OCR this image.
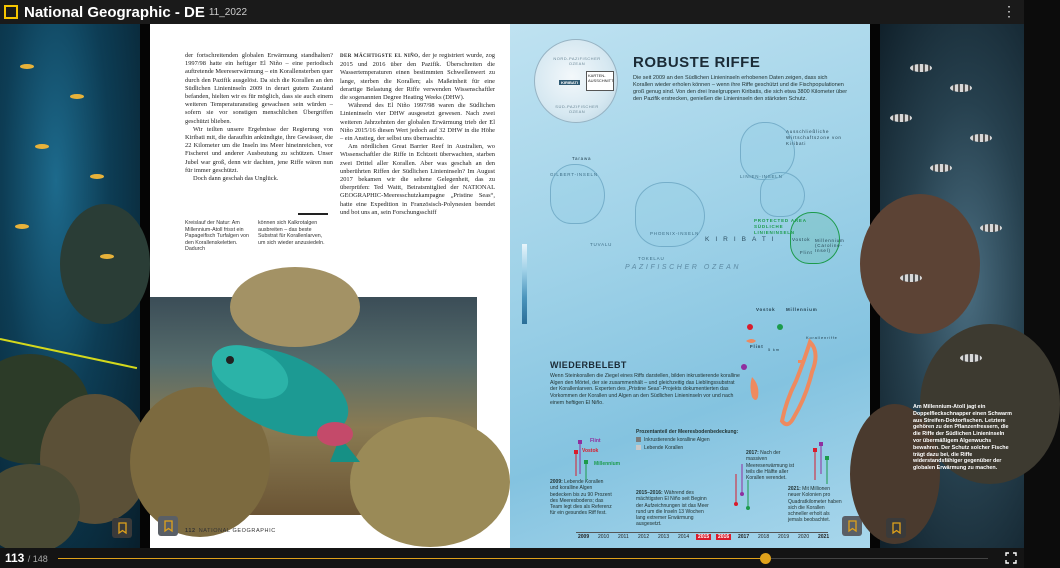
National Geographic - DE 11_2022	⋮

der fortschreitenden globalen Erwärmung standhalten? 1997/98 hatte ein heftiger El Niño – eine periodisch auftretende Meereserwärmung – ein Korallensterben quer durch den Pazifik ausgelöst. Da sich die Korallen an den Südlichen Linieninseln 2009 in derart gutem Zustand befanden, hielten wir es für möglich, dass sie auch einem weiteren Temperaturanstieg gewachsen sein würden – sofern sie vor sonstigen menschlichen Übergriffen geschützt blieben.

Wir teilten unsere Ergebnisse der Regierung von Kiribati mit, die daraufhin ankündigte, ihre Gewässer, die 22 Kilometer um die Inseln ins Meer hineinreichen, vor Fischerei und anderer Ausbeutung zu schützen. Unser Jubel war groß, denn wir dachten, jene Riffe wären nun für immer geschützt.

Doch dann geschah das Unglück.

DER MÄCHTIGSTE EL NIÑO, der je registriert wurde, zog 2015 und 2016 über den Pazifik. Überschreiten die Wassertemperaturen einen bestimmten Schwellenwert zu lange, sterben die Korallen; als Maßeinheit für eine derartige Belastung der Riffe verwenden Wissenschaftler die sogenannten Degree Heating Weeks (DHW).

Während des El Niño 1997/98 waren die Südlichen Linieninseln vier DHW ausgesetzt gewesen. Nach zwei weiteren Jahrzehnten der globalen Erwärmung trieb der El Niño 2015/16 diesen Wert jedoch auf 32 DHW in die Höhe – ein Anstieg, der selbst uns überraschte.

Am nördlichen Great Barrier Reef in Australien, wo Wissenschaftler die Riffe in Echtzeit überwachten, starben zwei Drittel aller Korallen. Aber was geschah an den unberührten Riffen der Südlichen Linieninseln? Im August 2017 bekamen wir die seltene Gelegenheit, das zu überprüfen: Ted Waitt, Beiratsmitglied der NATIONAL GEOGRAPHIC-Meeresschutzkampagne „Pristine Seas“, hatte eine Expedition in Französisch-Polynesien beendet und bot uns an, sein Forschungsschiff

Kreislauf der Natur: Am Millennium-Atoll frisst ein Papageifisch Turfalgen von den Korallenskeletten. Dadurch
können sich Kalkrotalgen ausbreiten – das beste Substrat für Korallenlarven, um sich wieder anzusiedeln.
112 NATIONAL GEOGRAPHIC
NORD-PAZIFISCHER OZEAN
KIRIBATI
SÜD-PAZIFISCHER OZEAN
KARTEN-AUSSCHNITT
ROBUSTE RIFFE
Die seit 2009 an den Südlichen Linieninseln erhobenen Daten zeigen, dass sich Korallen wieder erholen können – wenn ihre Riffe geschützt und die Fischpopulationen groß genug sind. Von den drei Inselgruppen Kiribatis, die sich etwa 3800 Kilometer über den Pazifik erstrecken, genießen die Linieninseln den stärksten Schutz.
Tarawa
GILBERT-INSELN
PHOENIX-INSELN
TOKELAU
TUVALU
LINIEN-INSELN
Ausschließliche Wirtschaftszone von Kiribati
PROTECTED AREA SÜDLICHE LINIENINSELN
Vostok
Flint
Millennium (Caroline-Insel)
KIRIBATI
PAZIFISCHER OZEAN
Vostok Millennium
Flint
Korallenriffe
5 km
WIEDERBELEBT
Wenn Steinkorallen die Ziegel eines Riffs darstellen, bilden inkrustierende koralline Algen den Mörtel, der sie zusammenhält – und gleichzeitig das Lieblingssubstrat der Korallenlarven. Experten des „Pristine Seas“-Projekts dokumentierten das Vorkommen der Korallen und Algen an den Südlichen Linieninseln vor und nach einem heftigen El Niño.
Prozentanteil der Meeresbodenbedeckung:
Inkrustierende koralline Algen
Lebende Korallen
Flint
Vostok
Millennium
2009: Lebende Korallen und koralline Algen bedecken bis zu 90 Prozent des Meeresbodens; das Team legt dies als Referenz für ein gesundes Riff fest.
2015–2016: Während des mächtigsten El Niño seit Beginn der Aufzeichnungen ist das Meer rund um die Inseln 13 Wochen lang extremer Erwärmung ausgesetzt.
2017: Nach der massiven Meereserwärmung ist teils die Hälfte aller Korallen verendet.
2021: Mit Millionen neuer Kolonien pro Quadratkilometer haben sich die Korallen schneller erholt als jemals beobachtet.
2009 2010 2011 2012 2013 2014	2015	2016	2017 2018 2019 2020 2021
Am Millennium-Atoll jagt ein Doppelfleckschnapper einen Schwarm aus Streifen-Doktorfischen. Letztere gehören zu den Pflanzenfressern, die die Riffe der Südlichen Linieninseln vor übermäßigem Algenwuchs bewahren. Der Schutz solcher Fische trägt dazu bei, die Riffe widerstandsfähiger gegenüber der globalen Erwärmung zu machen.
113 / 148
